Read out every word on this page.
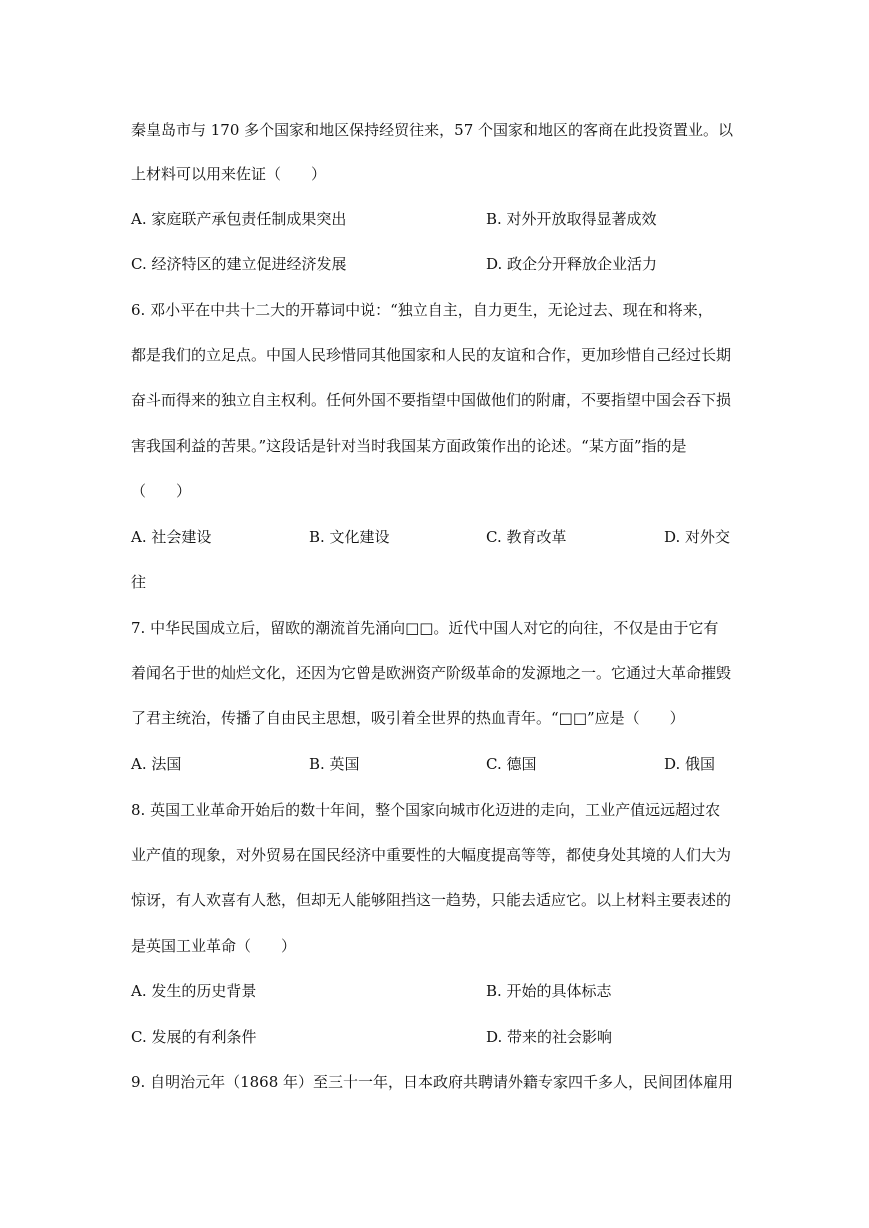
秦皇岛市与 170 多个国家和地区保持经贸往来，57 个国家和地区的客商在此投资置业。以
上材料可以用来佐证（　　）
A. 家庭联产承包责任制成果突出	B. 对外开放取得显著成效
C. 经济特区的建立促进经济发展	D. 政企分开释放企业活力
6. 邓小平在中共十二大的开幕词中说：“独立自主，自力更生，无论过去、现在和将来，
都是我们的立足点。中国人民珍惜同其他国家和人民的友谊和合作，更加珍惜自己经过长期
奋斗而得来的独立自主权利。任何外国不要指望中国做他们的附庸，不要指望中国会吞下损
害我国利益的苦果。”这段话是针对当时我国某方面政策作出的论述。“某方面”指的是
（　　）
A. 社会建设	B. 文化建设	C. 教育改革	D. 对外交
往
7. 中华民国成立后，留欧的潮流首先涌向□□。近代中国人对它的向往，不仅是由于它有
着闻名于世的灿烂文化，还因为它曾是欧洲资产阶级革命的发源地之一。它通过大革命摧毁
了君主统治，传播了自由民主思想，吸引着全世界的热血青年。“□□”应是（　　）
A. 法国	B. 英国	C. 德国	D. 俄国
8. 英国工业革命开始后的数十年间，整个国家向城市化迈进的走向，工业产值远远超过农
业产值的现象，对外贸易在国民经济中重要性的大幅度提高等等，都使身处其境的人们大为
惊讶，有人欢喜有人愁，但却无人能够阻挡这一趋势，只能去适应它。以上材料主要表述的
是英国工业革命（　　）
A. 发生的历史背景	B. 开始的具体标志
C. 发展的有利条件	D. 带来的社会影响
9. 自明治元年（1868 年）至三十一年，日本政府共聘请外籍专家四千多人，民间团体雇用
